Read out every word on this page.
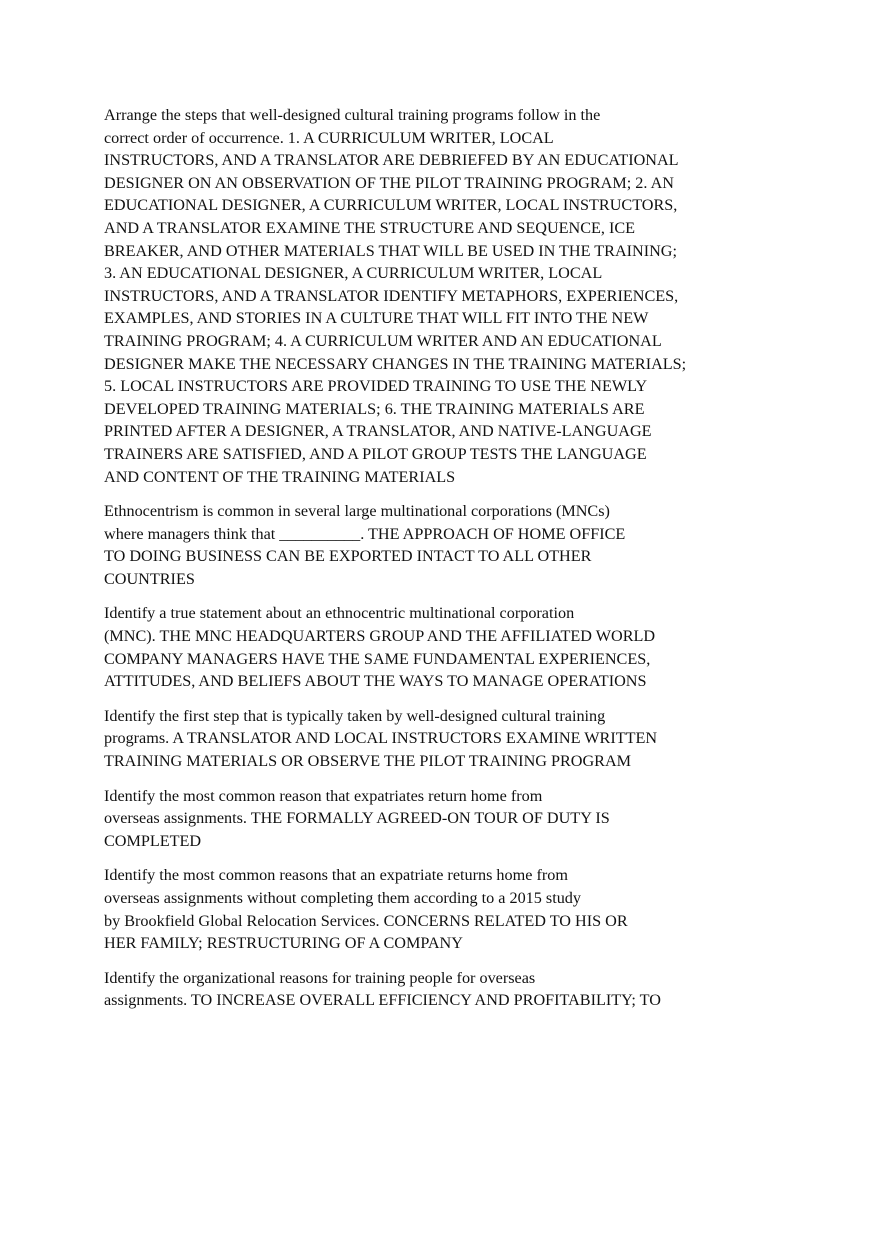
Arrange the steps that well-designed cultural training programs follow in the
correct order of occurrence. 1. A CURRICULUM WRITER, LOCAL
INSTRUCTORS, AND A TRANSLATOR ARE DEBRIEFED BY AN EDUCATIONAL
DESIGNER ON AN OBSERVATION OF THE PILOT TRAINING PROGRAM; 2. AN
EDUCATIONAL DESIGNER, A CURRICULUM WRITER, LOCAL INSTRUCTORS,
AND A TRANSLATOR EXAMINE THE STRUCTURE AND SEQUENCE, ICE
BREAKER, AND OTHER MATERIALS THAT WILL BE USED IN THE TRAINING;
3. AN EDUCATIONAL DESIGNER, A CURRICULUM WRITER, LOCAL
INSTRUCTORS, AND A TRANSLATOR IDENTIFY METAPHORS, EXPERIENCES,
EXAMPLES, AND STORIES IN A CULTURE THAT WILL FIT INTO THE NEW
TRAINING PROGRAM; 4. A CURRICULUM WRITER AND AN EDUCATIONAL
DESIGNER MAKE THE NECESSARY CHANGES IN THE TRAINING MATERIALS;
5. LOCAL INSTRUCTORS ARE PROVIDED TRAINING TO USE THE NEWLY
DEVELOPED TRAINING MATERIALS; 6. THE TRAINING MATERIALS ARE
PRINTED AFTER A DESIGNER, A TRANSLATOR, AND NATIVE-LANGUAGE
TRAINERS ARE SATISFIED, AND A PILOT GROUP TESTS THE LANGUAGE
AND CONTENT OF THE TRAINING MATERIALS

Ethnocentrism is common in several large multinational corporations (MNCs)
where managers think that __________. THE APPROACH OF HOME OFFICE
TO DOING BUSINESS CAN BE EXPORTED INTACT TO ALL OTHER
COUNTRIES

Identify a true statement about an ethnocentric multinational corporation
(MNC). THE MNC HEADQUARTERS GROUP AND THE AFFILIATED WORLD
COMPANY MANAGERS HAVE THE SAME FUNDAMENTAL EXPERIENCES,
ATTITUDES, AND BELIEFS ABOUT THE WAYS TO MANAGE OPERATIONS

Identify the first step that is typically taken by well-designed cultural training
programs. A TRANSLATOR AND LOCAL INSTRUCTORS EXAMINE WRITTEN
TRAINING MATERIALS OR OBSERVE THE PILOT TRAINING PROGRAM

Identify the most common reason that expatriates return home from
overseas assignments. THE FORMALLY AGREED-ON TOUR OF DUTY IS
COMPLETED

Identify the most common reasons that an expatriate returns home from
overseas assignments without completing them according to a 2015 study
by Brookfield Global Relocation Services. CONCERNS RELATED TO HIS OR
HER FAMILY; RESTRUCTURING OF A COMPANY

Identify the organizational reasons for training people for overseas
assignments. TO INCREASE OVERALL EFFICIENCY AND PROFITABILITY; TO
